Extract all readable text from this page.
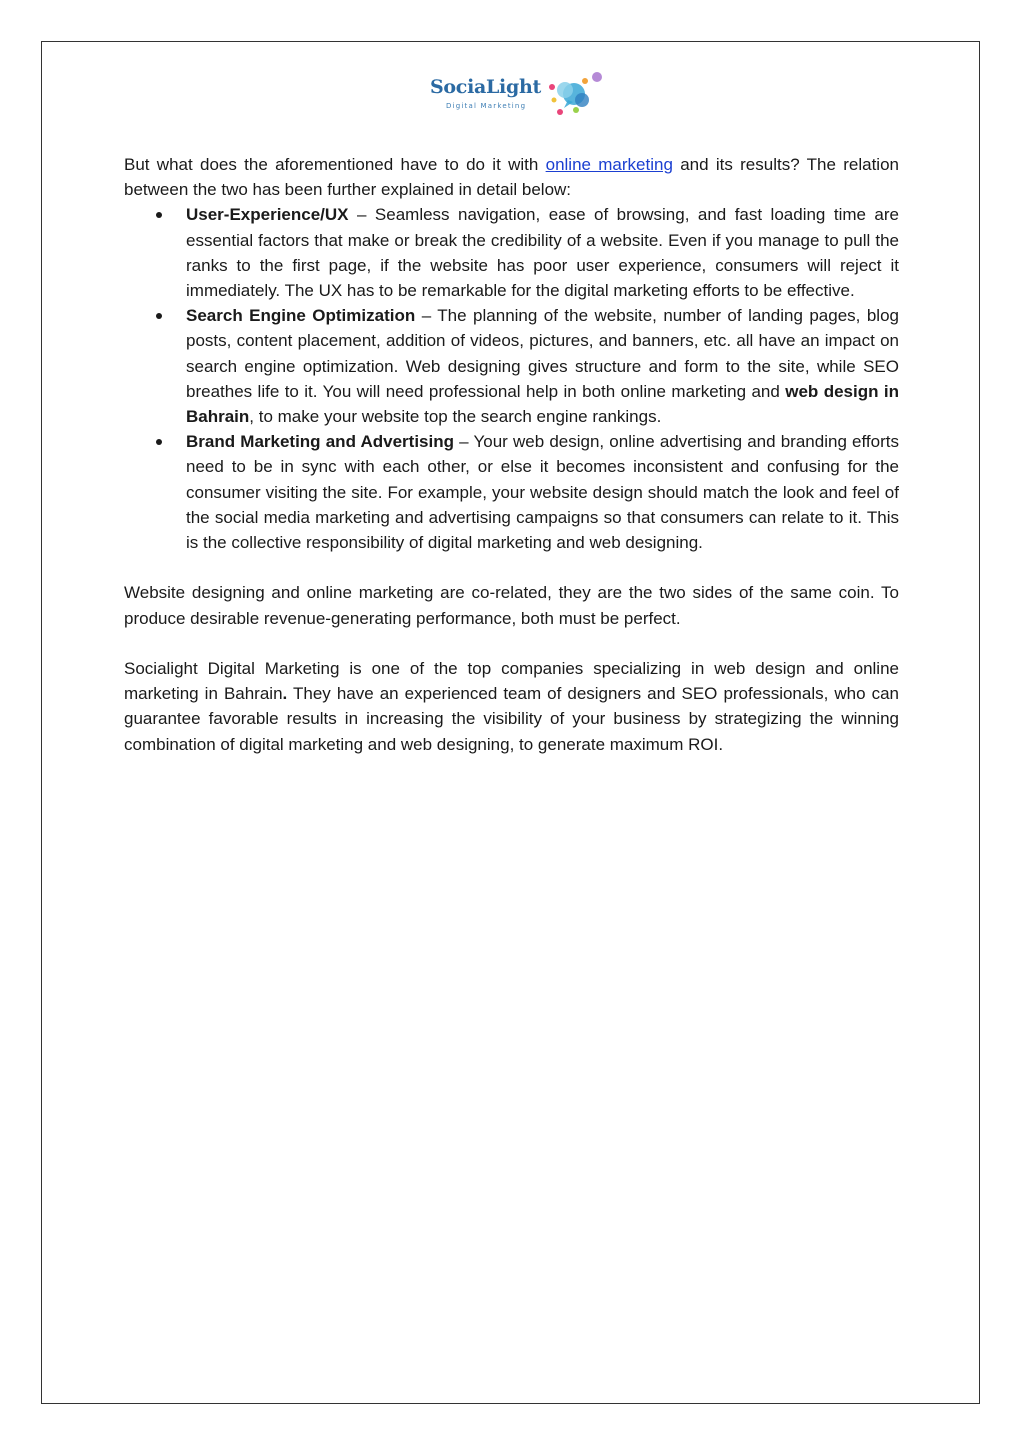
SociaLight
Digital Marketing

But what does the aforementioned have to do it with online marketing and its results? The relation between the two has been further explained in detail below:

User-Experience/UX – Seamless navigation, ease of browsing, and fast loading time are essential factors that make or break the credibility of a website. Even if you manage to pull the ranks to the first page, if the website has poor user experience, consumers will reject it immediately. The UX has to be remarkable for the digital marketing efforts to be effective.
Search Engine Optimization – The planning of the website, number of landing pages, blog posts, content placement, addition of videos, pictures, and banners, etc. all have an impact on search engine optimization. Web designing gives structure and form to the site, while SEO breathes life to it. You will need professional help in both online marketing and web design in Bahrain, to make your website top the search engine rankings.
Brand Marketing and Advertising – Your web design, online advertising and branding efforts need to be in sync with each other, or else it becomes inconsistent and confusing for the consumer visiting the site. For example, your website design should match the look and feel of the social media marketing and advertising campaigns so that consumers can relate to it. This is the collective responsibility of digital marketing and web designing.

Website designing and online marketing are co-related, they are the two sides of the same coin. To produce desirable revenue-generating performance, both must be perfect.

Socialight Digital Marketing is one of the top companies specializing in web design and online marketing in Bahrain. They have an experienced team of designers and SEO professionals, who can guarantee favorable results in increasing the visibility of your business by strategizing the winning combination of digital marketing and web designing, to generate maximum ROI.
